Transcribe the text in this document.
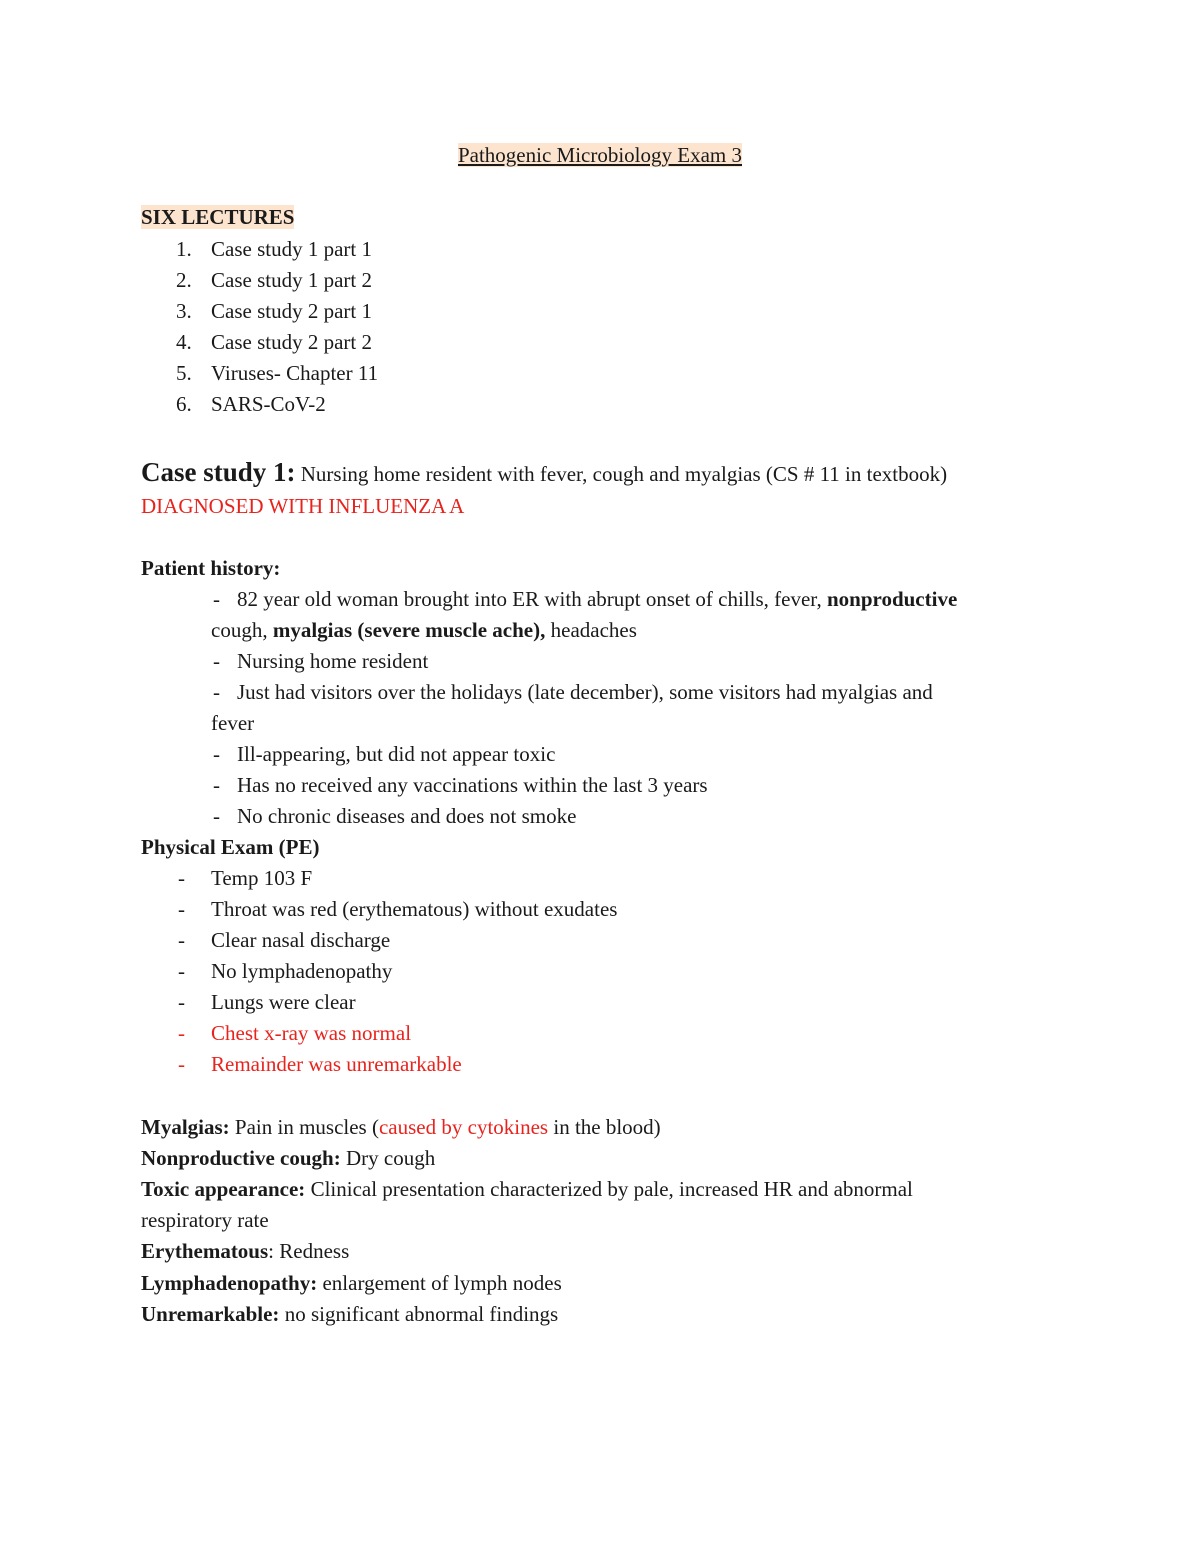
Pathogenic Microbiology Exam 3
SIX LECTURES
1. Case study 1 part 1
2. Case study 1 part 2
3. Case study 2 part 1
4. Case study 2 part 2
5. Viruses- Chapter 11
6. SARS-CoV-2
Case study 1: Nursing home resident with fever, cough and myalgias (CS # 11 in textbook)
DIAGNOSED WITH INFLUENZA A
Patient history:
- 82 year old woman brought into ER with abrupt onset of chills, fever, nonproductive
cough, myalgias (severe muscle ache), headaches
- Nursing home resident
- Just had visitors over the holidays (late december), some visitors had myalgias and
fever
- Ill-appearing, but did not appear toxic
- Has no received any vaccinations within the last 3 years
- No chronic diseases and does not smoke
Physical Exam (PE)
- Temp 103 F
- Throat was red (erythematous) without exudates
- Clear nasal discharge
- No lymphadenopathy
- Lungs were clear
- Chest x-ray was normal
- Remainder was unremarkable
Myalgias: Pain in muscles (caused by cytokines in the blood)
Nonproductive cough: Dry cough
Toxic appearance: Clinical presentation characterized by pale, increased HR and abnormal
respiratory rate
Erythematous: Redness
Lymphadenopathy: enlargement of lymph nodes
Unremarkable: no significant abnormal findings
